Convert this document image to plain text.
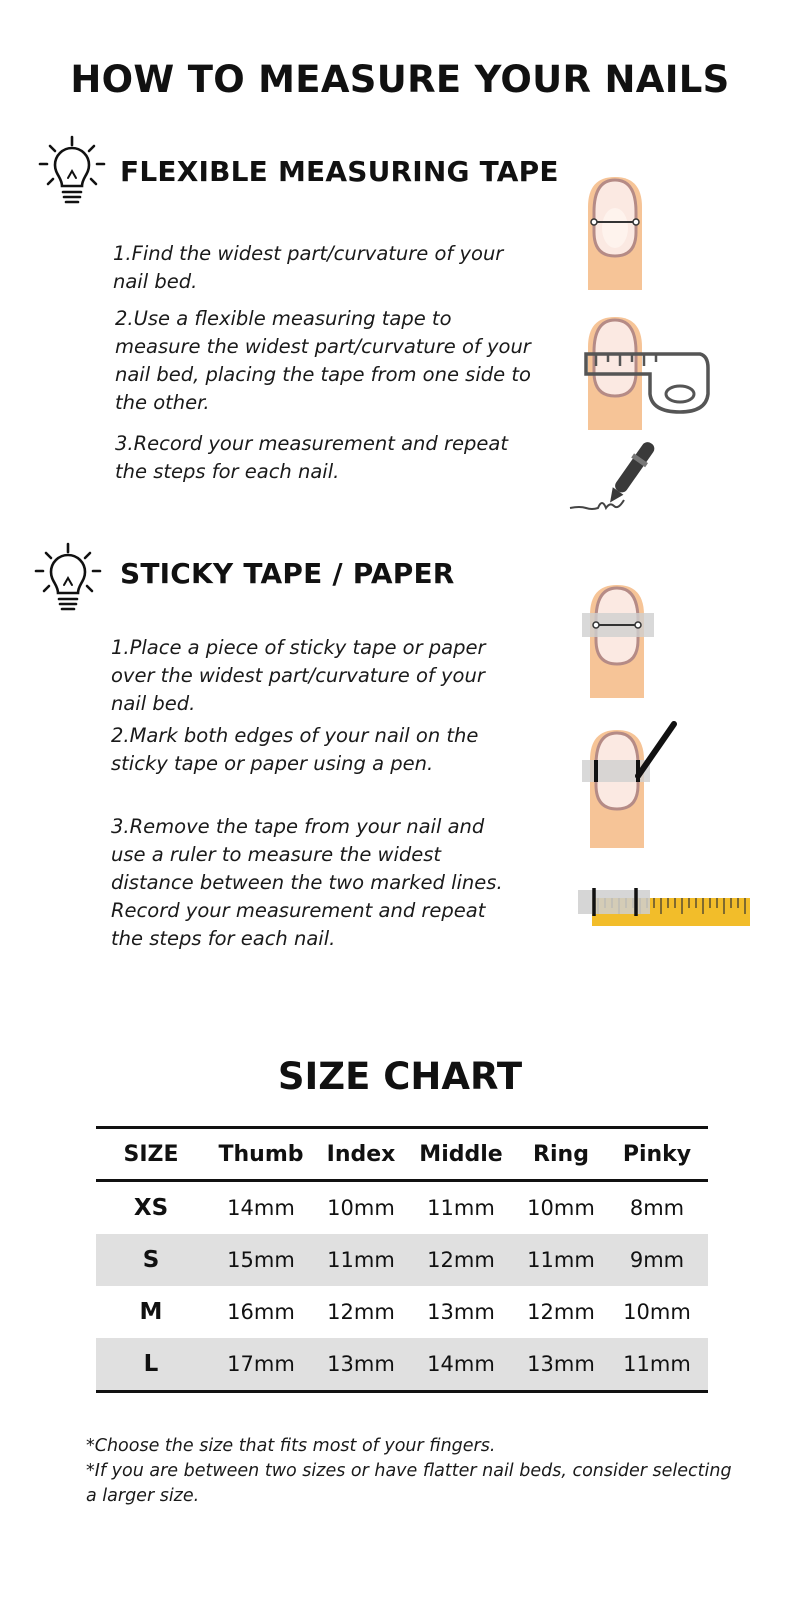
HOW TO MEASURE YOUR NAILS
FLEXIBLE MEASURING TAPE
1.Find the widest part/curvature of your nail bed.
2.Use a flexible measuring tape to measure the widest part/curvature of your nail bed, placing the tape from one side to the other.
3.Record your measurement and repeat the steps for each nail.
STICKY TAPE / PAPER
1.Place a piece of sticky tape or paper over the widest part/curvature of your nail bed.
2.Mark both edges of your nail on the sticky tape or paper using a pen.
3.Remove the tape from your nail and use a ruler to measure the widest distance between the two marked lines. Record your measurement and repeat the steps for each nail.
SIZE CHART
SIZE	Thumb	Index	Middle	Ring	Pinky
XS	14mm	10mm	11mm	10mm	8mm
S	15mm	11mm	12mm	11mm	9mm
M	16mm	12mm	13mm	12mm	10mm
L	17mm	13mm	14mm	13mm	11mm
*Choose the size that fits most of your fingers.
*If you are between two sizes or have flatter nail beds, consider selecting a larger size.
